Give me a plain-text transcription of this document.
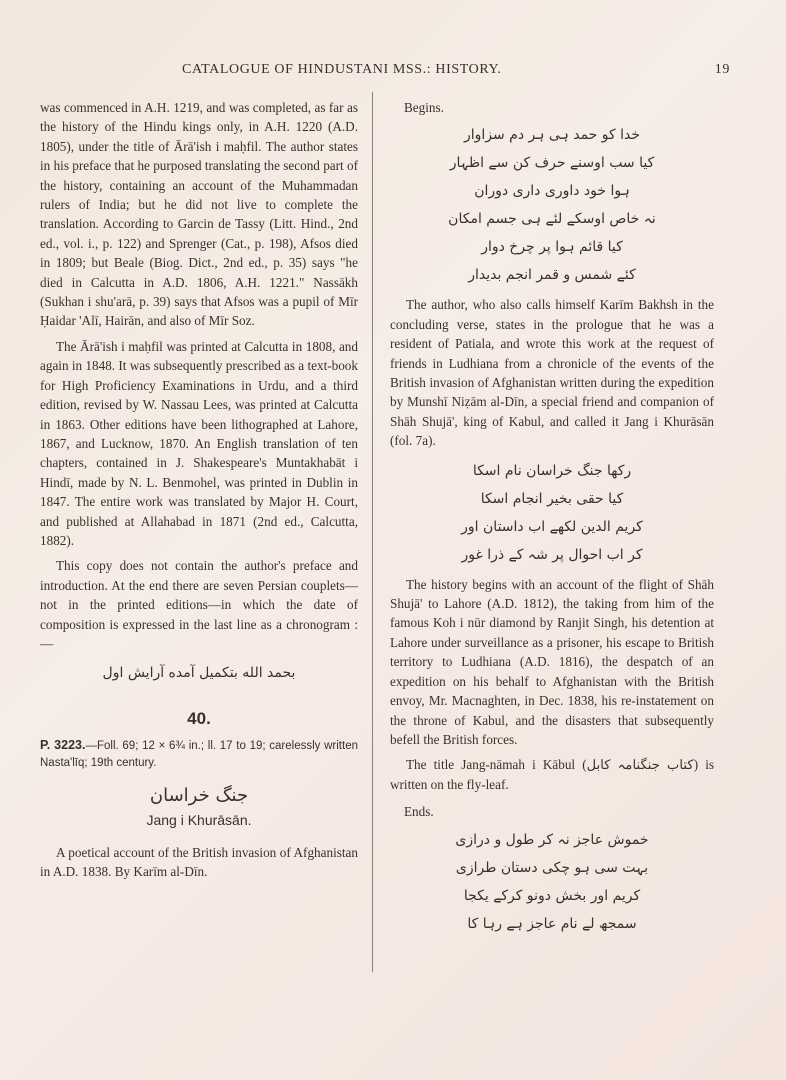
CATALOGUE OF HINDUSTANI MSS.: HISTORY.	19

was commenced in A.H. 1219, and was completed, as far as the history of the Hindu kings only, in A.H. 1220 (A.D. 1805), under the title of Ārā'ish i maḥfil. The author states in his preface that he purposed translating the second part of the history, containing an account of the Muhammadan rulers of India; but he did not live to complete the translation. According to Garcin de Tassy (Litt. Hind., 2nd ed., vol. i., p. 122) and Sprenger (Cat., p. 198), Afsos died in 1809; but Beale (Biog. Dict., 2nd ed., p. 35) says "he died in Calcutta in A.D. 1806, A.H. 1221." Nassākh (Sukhan i shu'arā, p. 39) says that Afsos was a pupil of Mīr Ḥaidar 'Alī, Hairān, and also of Mīr Soz.

The Ārā'ish i maḥfil was printed at Calcutta in 1808, and again in 1848. It was subsequently prescribed as a text-book for High Proficiency Examinations in Urdu, and a third edition, revised by W. Nassau Lees, was printed at Calcutta in 1863. Other editions have been lithographed at Lahore, 1867, and Lucknow, 1870. An English translation of ten chapters, contained in J. Shakespeare's Muntakhabāt i Hindī, made by N. L. Benmohel, was printed in Dublin in 1847. The entire work was translated by Major H. Court, and published at Allahabad in 1871 (2nd ed., Calcutta, 1882).

This copy does not contain the author's preface and introduction. At the end there are seven Persian couplets—not in the printed editions—in which the date of composition is expressed in the last line as a chronogram :—

بحمد الله بتکمیل آمده آرایش اول
40.
P. 3223.—Foll. 69; 12 × 6¾ in.; ll. 17 to 19; carelessly written Nasta'līq; 19th century.
جنگ خراسان
Jang i Khurāsān.

A poetical account of the British invasion of Afghanistan in A.D. 1838. By Karīm al-Dīn.

Begins.
خدا کو حمد ہی ہر دم سزاوار
کیا سب اوسنے حرف کن سے اظہار
ہوا خود داوری داری دوران
نہ خاص اوسکے لئے ہی جسم امکان
کیا قائم ہوا پر چرخ دوار
کئے شمس و قمر انجم بدیدار

The author, who also calls himself Karīm Bakhsh in the concluding verse, states in the prologue that he was a resident of Patiala, and wrote this work at the request of friends in Ludhiana from a chronicle of the events of the British invasion of Afghanistan written during the expedition by Munshī Niẓām al-Dīn, a special friend and companion of Shāh Shujā', king of Kabul, and called it Jang i Khurāsān (fol. 7a).

رکھا جنگ خراسان نام اسکا
کیا حقی بخیر انجام اسکا
کریم الدین لکھے اب داستان اور
کر اب احوال پر شہ کے ذرا غور

The history begins with an account of the flight of Shāh Shujā' to Lahore (A.D. 1812), the taking from him of the famous Koh i nūr diamond by Ranjit Singh, his detention at Lahore under surveillance as a prisoner, his escape to British territory to Ludhiana (A.D. 1816), the despatch of an expedition on his behalf to Afghanistan with the British envoy, Mr. Macnaghten, in Dec. 1838, his re-instatement on the throne of Kabul, and the disasters that subsequently befell the British forces.

The title Jang-nāmah i Kābul (کتاب جنگنامہ کابل) is written on the fly-leaf.

Ends.
خموش عاجز نہ کر طول و درازی
بہت سی ہو چکی دستان طرازی
کریم اور بخش دونو کرکے یکجا
سمجھ لے نام عاجز ہے رہا کا
